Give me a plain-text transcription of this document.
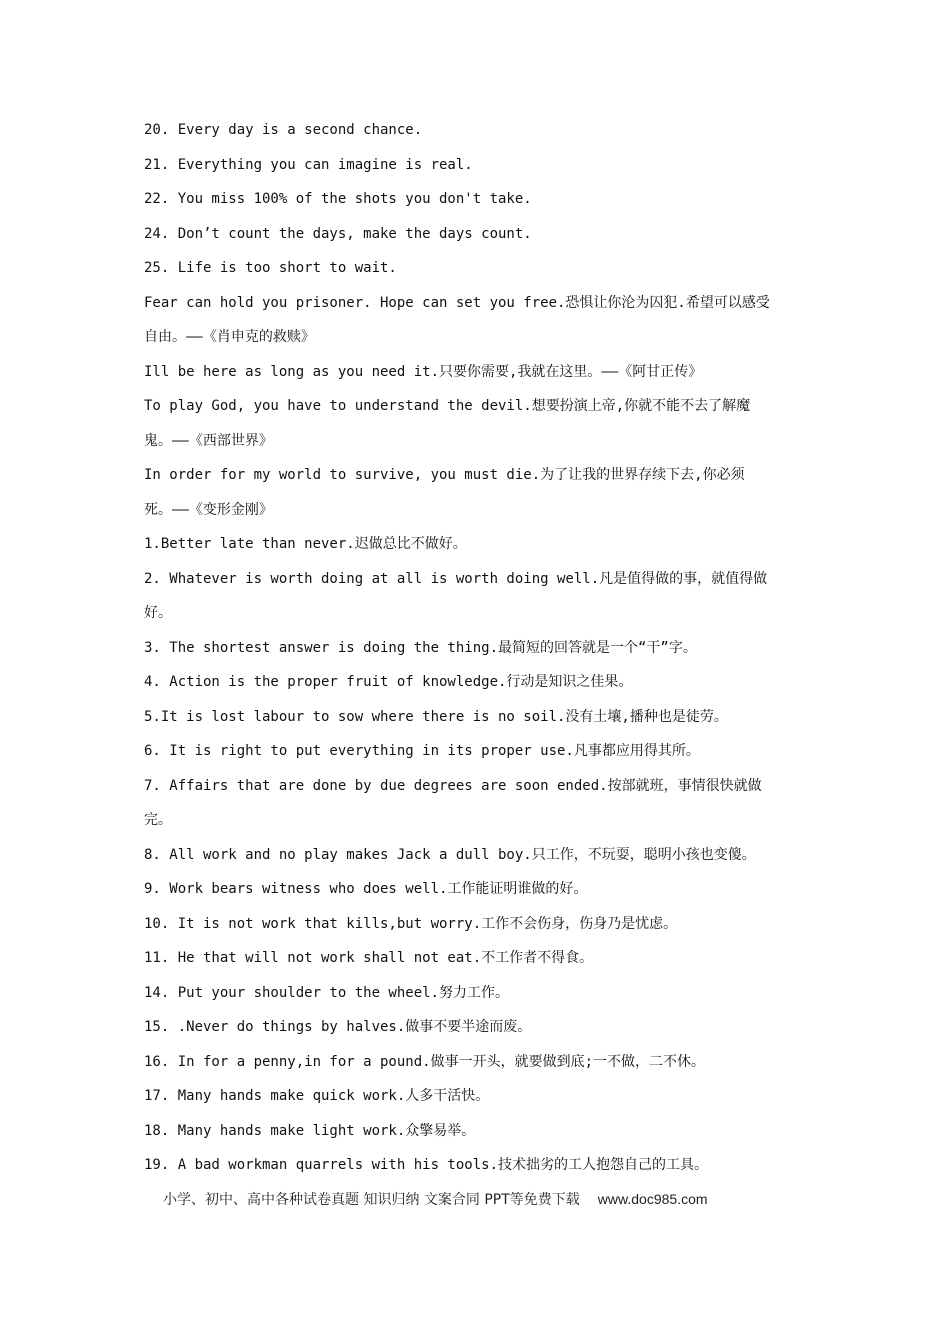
20. Every day is a second chance.
21. Everything you can imagine is real.
22. You miss 100% of the shots you don't take.
24. Don’t count the days, make the days count.
25. Life is too short to wait.
Fear can hold you prisoner. Hope can set you free.恐惧让你沦为囚犯.希望可以感受
自由。——《肖申克的救赎》
Ill be here as long as you need it.只要你需要,我就在这里。——《阿甘正传》
To play God, you have to understand the devil.想要扮演上帝,你就不能不去了解魔
鬼。——《西部世界》
In order for my world to survive, you must die.为了让我的世界存续下去,你必须
死。——《变形金刚》
1.Better late than never.迟做总比不做好。
2. Whatever is worth doing at all is worth doing well.凡是值得做的事，就值得做
好。
3. The shortest answer is doing the thing.最简短的回答就是一个“干”字。
4. Action is the proper fruit of knowledge.行动是知识之佳果。
5.It is lost labour to sow where there is no soil.没有土壤,播种也是徒劳。
6. It is right to put everything in its proper use.凡事都应用得其所。
7. Affairs that are done by due degrees are soon ended.按部就班，事情很快就做
完。
8. All work and no play makes Jack a dull boy.只工作，不玩耍，聪明小孩也变傻。
9. Work bears witness who does well.工作能证明谁做的好。
10. It is not work that kills,but worry.工作不会伤身，伤身乃是忧虑。
11. He that will not work shall not eat.不工作者不得食。
14. Put your shoulder to the wheel.努力工作。
15. .Never do things by halves.做事不要半途而废。
16. In for a penny,in for a pound.做事一开头，就要做到底;一不做，二不休。
17. Many hands make quick work.人多干活快。
18. Many hands make light work.众擎易举。
19. A bad workman quarrels with his tools.技术拙劣的工人抱怨自己的工具。
小学、初中、高中各种试卷真题 知识归纳 文案合同 PPT等免费下载 www.doc985.com
